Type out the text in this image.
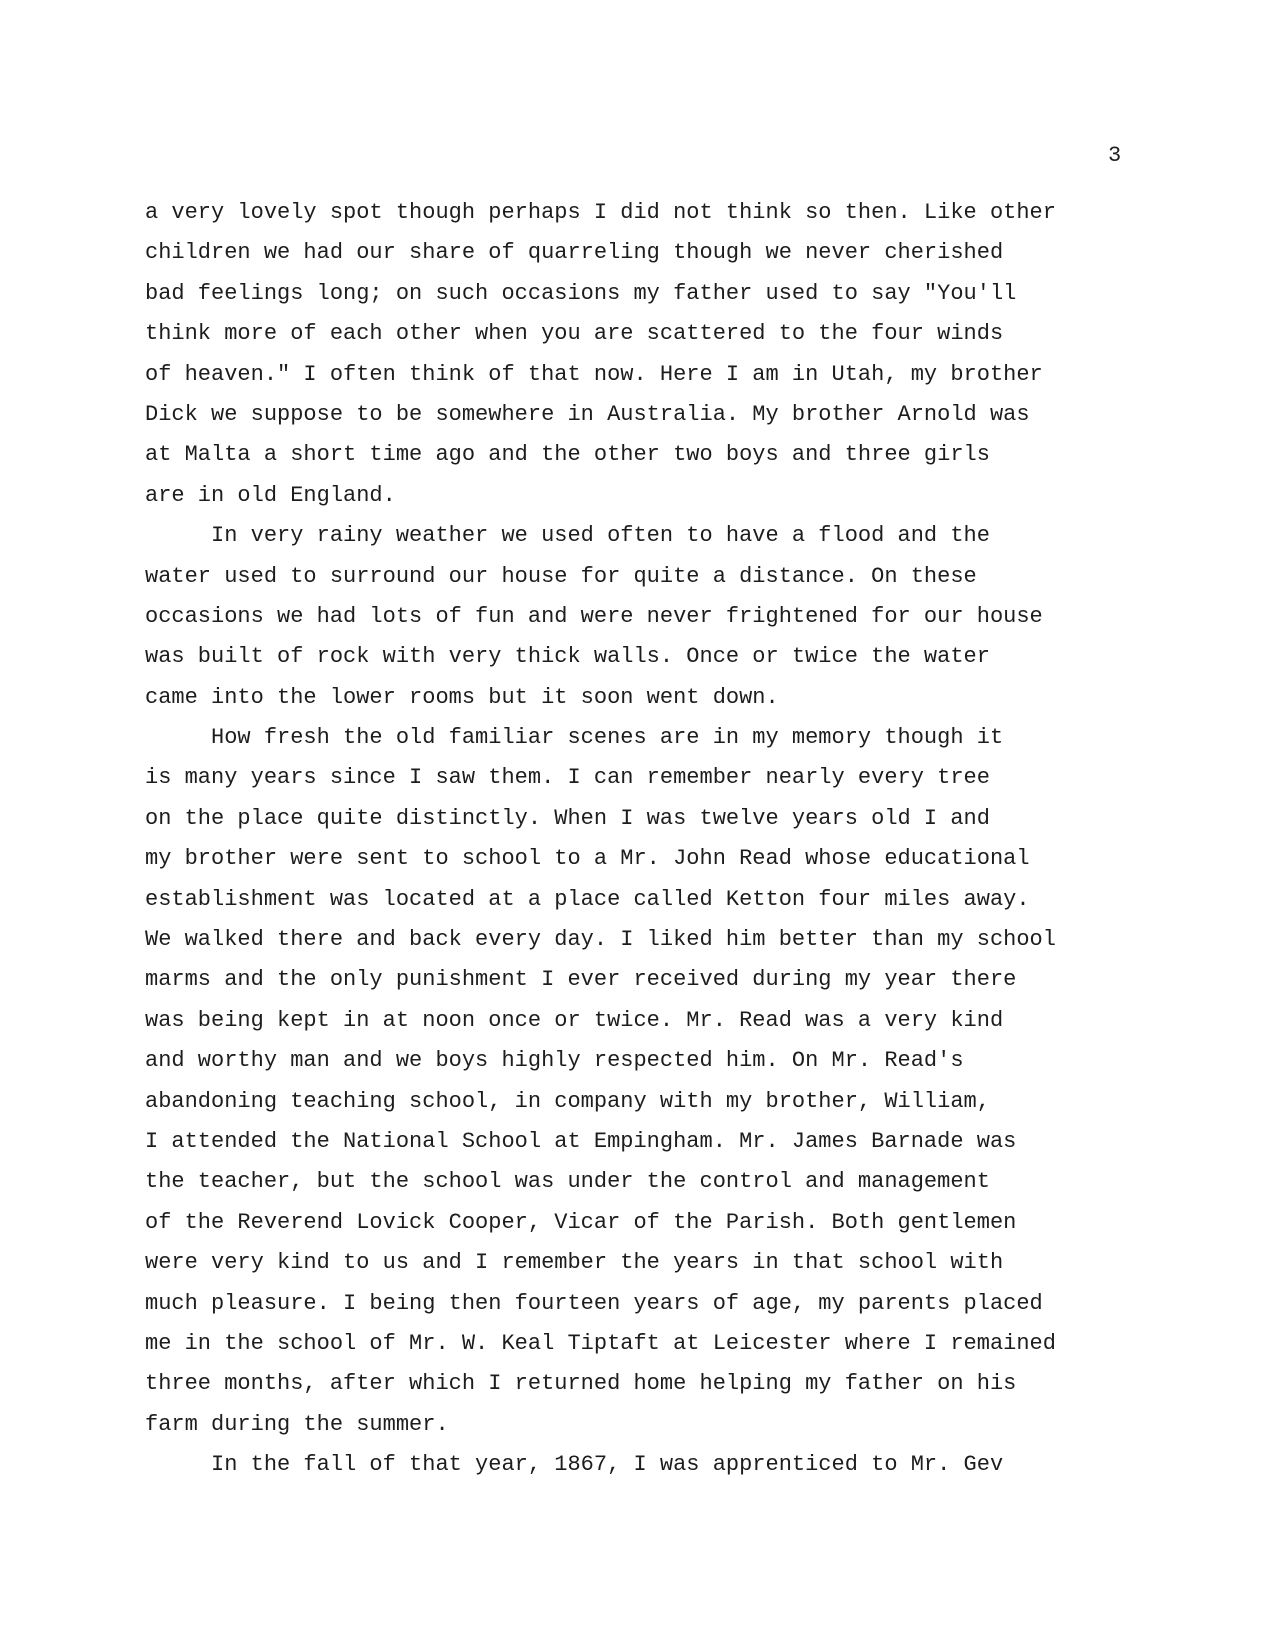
3
a very lovely spot though perhaps I did not think so then. Like other
children we had our share of quarreling though we never cherished
bad feelings long; on such occasions my father used to say "You'll
think more of each other when you are scattered to the four winds
of heaven." I often think of that now. Here I am in Utah, my brother
Dick we suppose to be somewhere in Australia. My brother Arnold was
at Malta a short time ago and the other two boys and three girls
are in old England.
In very rainy weather we used often to have a flood and the
water used to surround our house for quite a distance. On these
occasions we had lots of fun and were never frightened for our house
was built of rock with very thick walls. Once or twice the water
came into the lower rooms but it soon went down.
How fresh the old familiar scenes are in my memory though it
is many years since I saw them. I can remember nearly every tree
on the place quite distinctly. When I was twelve years old I and
my brother were sent to school to a Mr. John Read whose educational
establishment was located at a place called Ketton four miles away.
We walked there and back every day. I liked him better than my school
marms and the only punishment I ever received during my year there
was being kept in at noon once or twice. Mr. Read was a very kind
and worthy man and we boys highly respected him. On Mr. Read's
abandoning teaching school, in company with my brother, William,
I attended the National School at Empingham. Mr. James Barnade was
the teacher, but the school was under the control and management
of the Reverend Lovick Cooper, Vicar of the Parish. Both gentlemen
were very kind to us and I remember the years in that school with
much pleasure. I being then fourteen years of age, my parents placed
me in the school of Mr. W. Keal Tiptaft at Leicester where I remained
three months, after which I returned home helping my father on his
farm during the summer.
In the fall of that year, 1867, I was apprenticed to Mr. Gev
